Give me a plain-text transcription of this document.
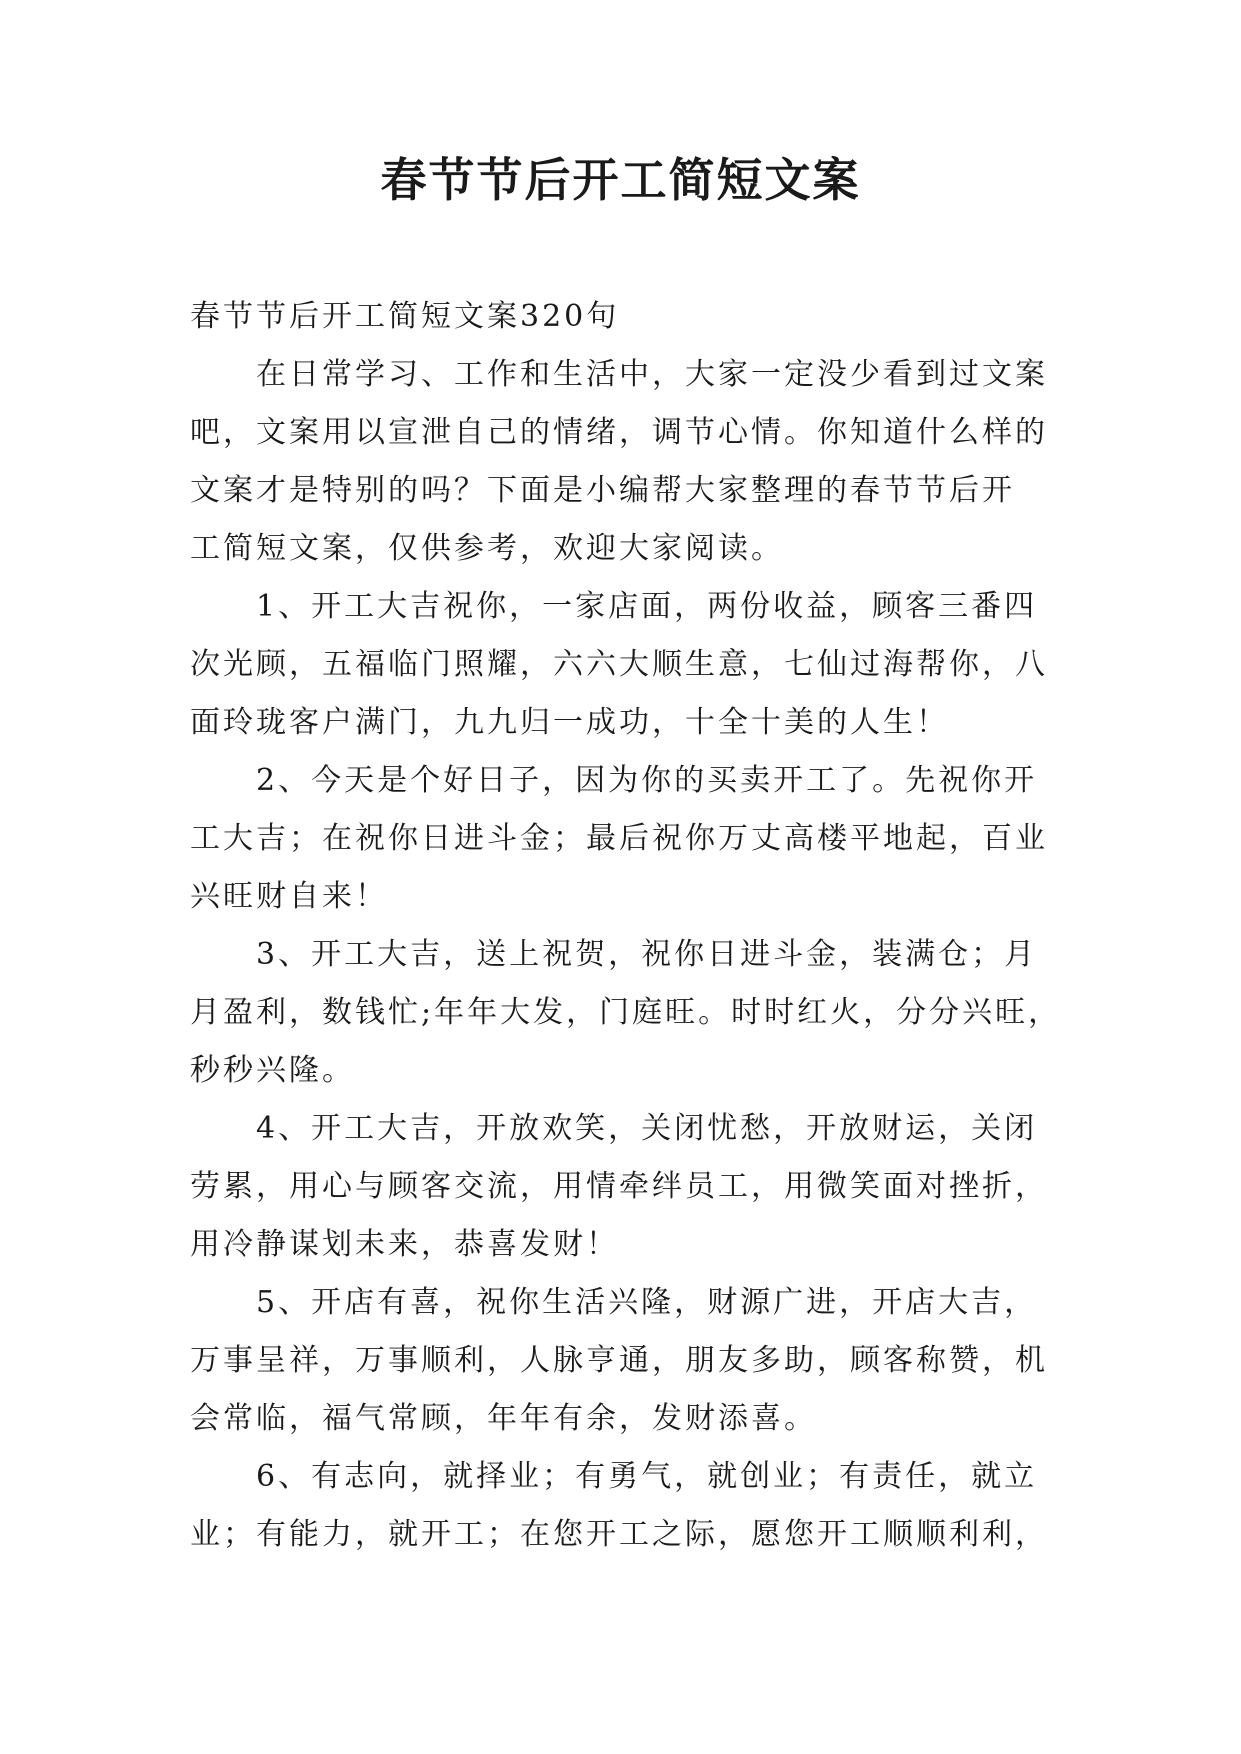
春节节后开工简短文案
春节节后开工简短文案320句
在日常学习、工作和生活中，大家一定没少看到过文案
吧，文案用以宣泄自己的情绪，调节心情。你知道什么样的
文案才是特别的吗？下面是小编帮大家整理的春节节后开
工简短文案，仅供参考，欢迎大家阅读。
1、开工大吉祝你，一家店面，两份收益，顾客三番四
次光顾，五福临门照耀，六六大顺生意，七仙过海帮你，八
面玲珑客户满门，九九归一成功，十全十美的人生！
2、今天是个好日子，因为你的买卖开工了。先祝你开
工大吉；在祝你日进斗金；最后祝你万丈高楼平地起，百业
兴旺财自来！
3、开工大吉，送上祝贺，祝你日进斗金，装满仓；月
月盈利，数钱忙;年年大发，门庭旺。时时红火，分分兴旺，
秒秒兴隆。
4、开工大吉，开放欢笑，关闭忧愁，开放财运，关闭
劳累，用心与顾客交流，用情牵绊员工，用微笑面对挫折，
用冷静谋划未来，恭喜发财！
5、开店有喜，祝你生活兴隆，财源广进，开店大吉，
万事呈祥，万事顺利，人脉亨通，朋友多助，顾客称赞，机
会常临，福气常顾，年年有余，发财添喜。
6、有志向，就择业；有勇气，就创业；有责任，就立
业；有能力，就开工；在您开工之际，愿您开工顺顺利利，
